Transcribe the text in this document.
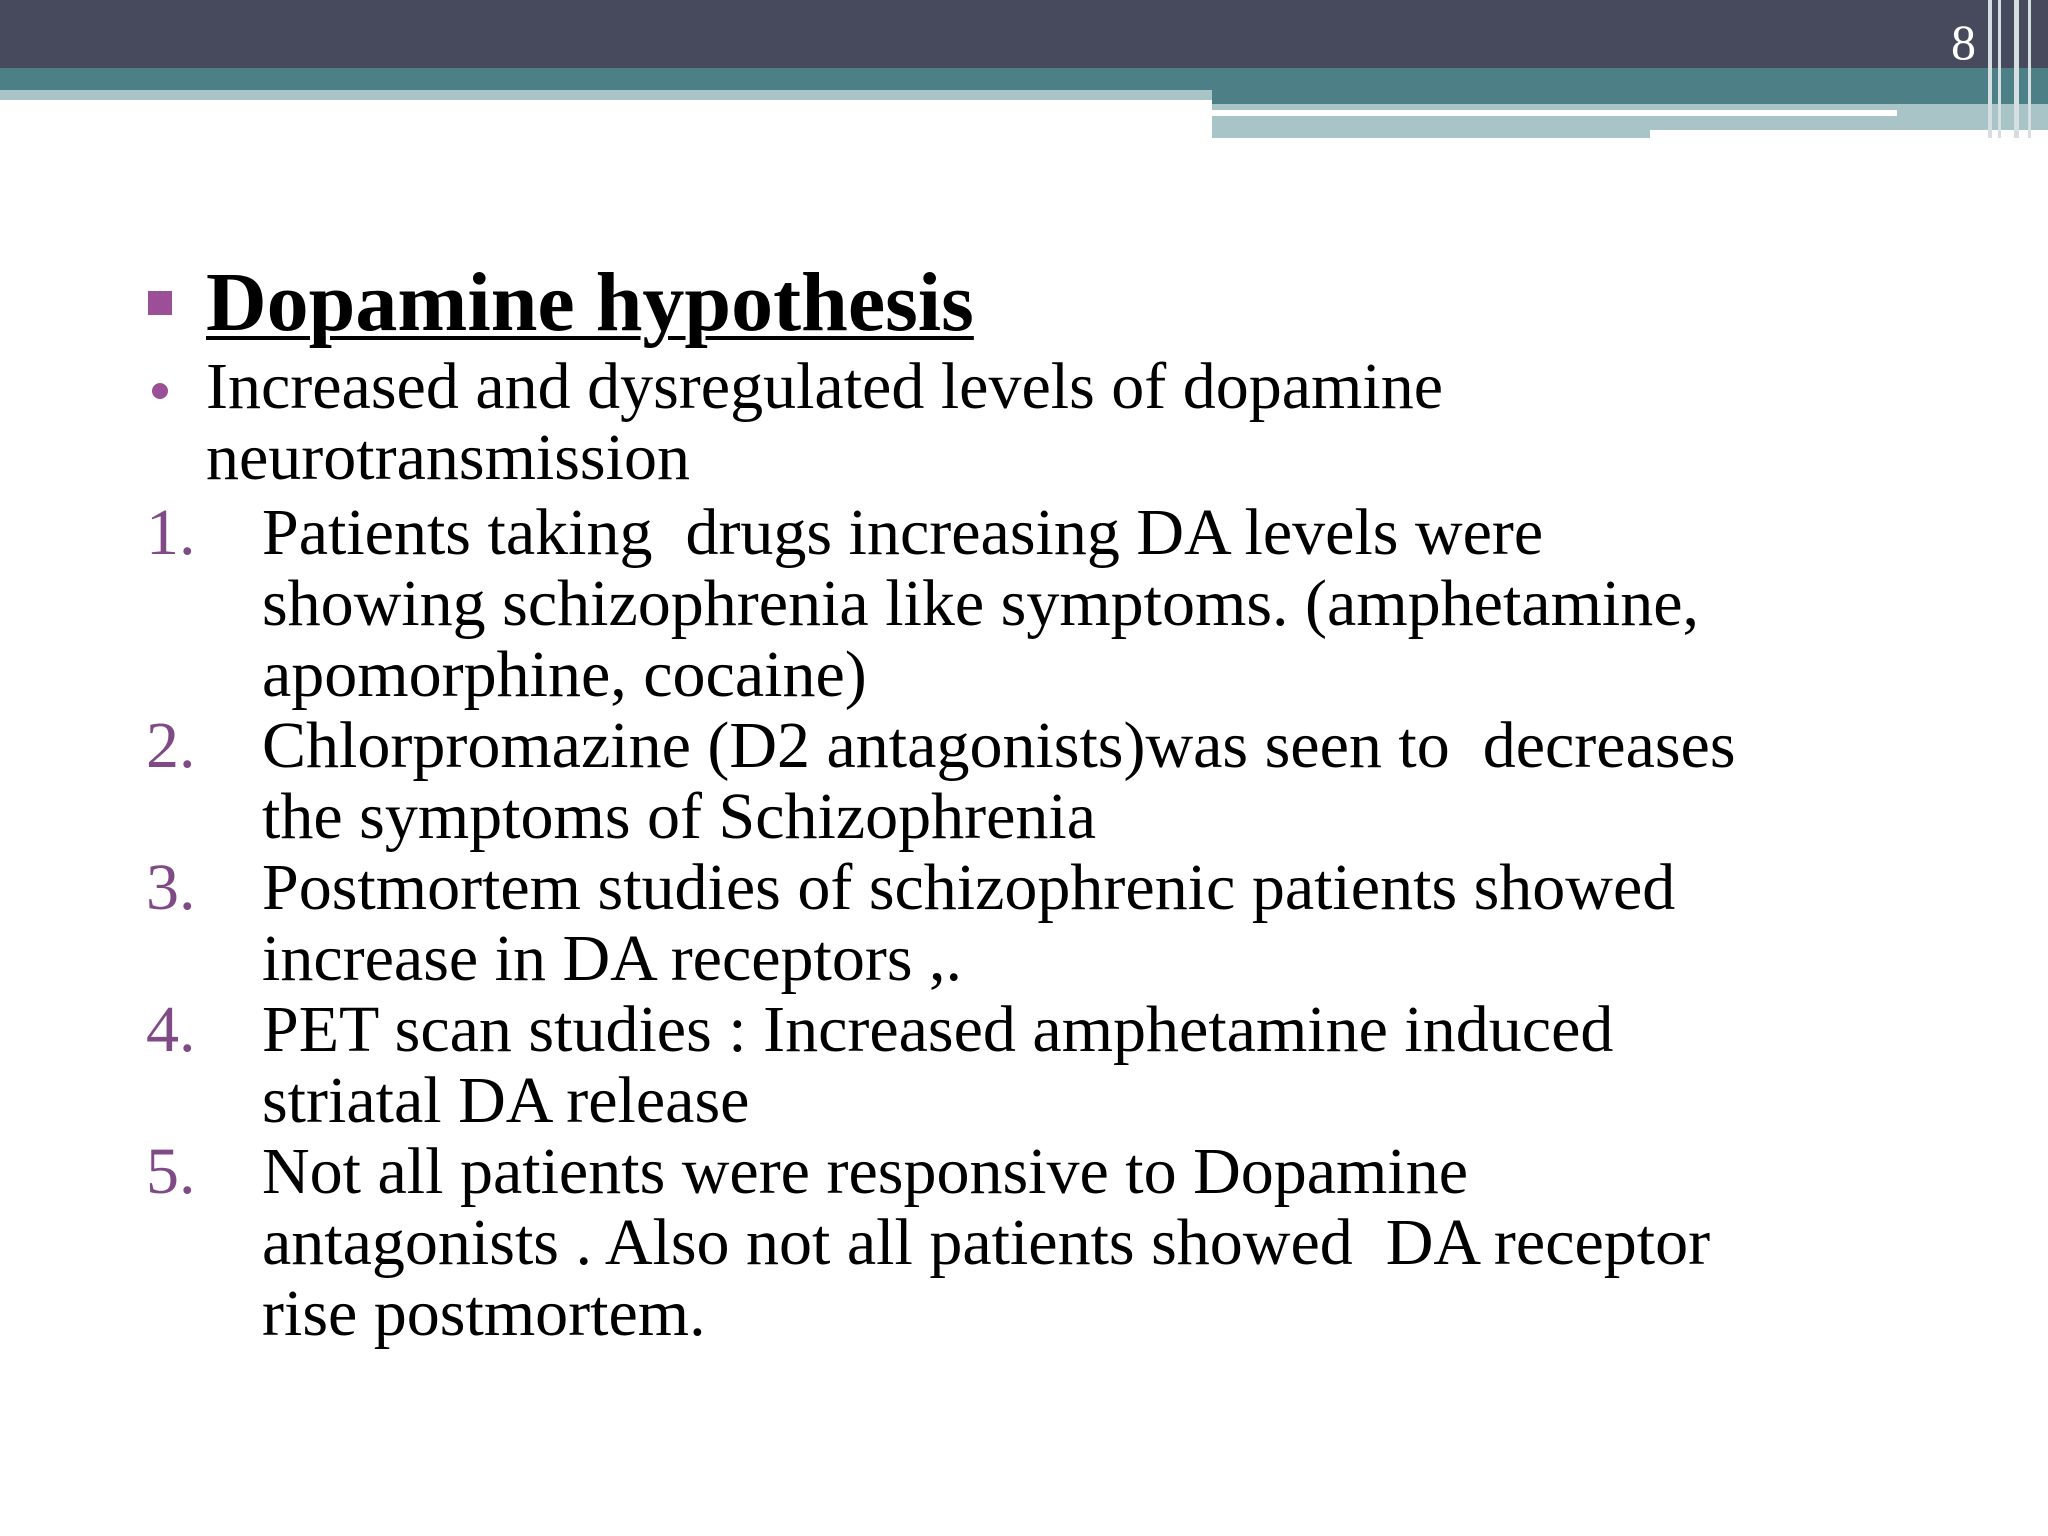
8
Dopamine hypothesis
Increased and dysregulated levels of dopamine
neurotransmission
1.	Patients taking  drugs increasing DA levels were
showing schizophrenia like symptoms. (amphetamine,
apomorphine, cocaine)
2.	Chlorpromazine (D2 antagonists)was seen to  decreases
the symptoms of Schizophrenia
3.	Postmortem studies of schizophrenic patients showed
increase in DA receptors ,.
4.	PET scan studies : Increased amphetamine induced
striatal DA release
5.	Not all patients were responsive to Dopamine
antagonists . Also not all patients showed  DA receptor
rise postmortem.
